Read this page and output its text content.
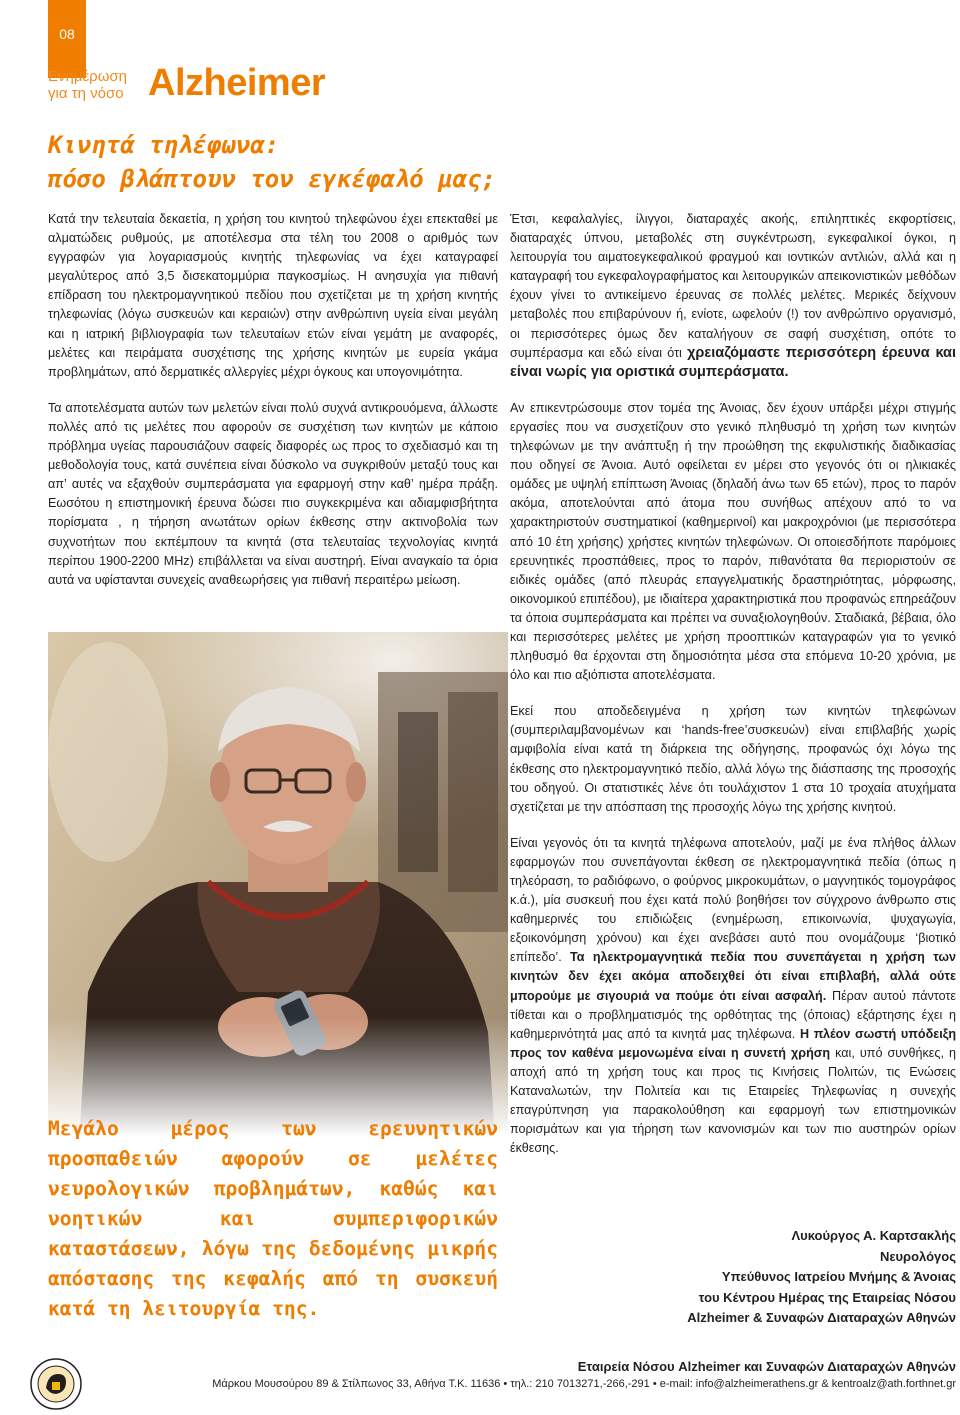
08
Ενημέρωση
για τη νόσο Alzheimer
Κινητά τηλέφωνα:
πόσο βλάπτουν τον εγκέφαλό μας;

Κατά την τελευταία δεκαετία, η χρήση του κινητού τηλεφώνου έχει επεκταθεί με αλματώδεις ρυθμούς, με αποτέλεσμα στα τέλη του 2008 ο αριθμός των εγγραφών για λογαριασμούς κινητής τηλεφωνίας να έχει καταγραφεί μεγαλύτερος από 3,5 δισεκατομμύρια παγκοσμίως. Η ανησυχία για πιθανή επίδραση του ηλεκτρομαγνητικού πεδίου που σχετίζεται με τη χρήση κινητής τηλεφωνίας (λόγω συσκευών και κεραιών) στην ανθρώπινη υγεία είναι μεγάλη και η ιατρική βιβλιογραφία των τελευταίων ετών είναι γεμάτη με αναφορές, μελέτες και πειράματα συσχέτισης της χρήσης κινητών με ευρεία γκάμα προβλημάτων, από δερματικές αλλεργίες μέχρι όγκους και υπογονιμότητα.

Τα αποτελέσματα αυτών των μελετών είναι πολύ συχνά αντικρουόμενα, άλλωστε πολλές από τις μελέτες που αφορούν σε συσχέτιση των κινητών με κάποιο πρόβλημα υγείας παρουσιάζουν σαφείς διαφορές ως προς το σχεδιασμό και τη μεθοδολογία τους, κατά συνέπεια είναι δύσκολο να συγκριθούν μεταξύ τους και απ’ αυτές να εξαχθούν συμπεράσματα για εφαρμογή στην καθ’ ημέρα πράξη. Εωσότου η επιστημονική έρευνα δώσει πιο συγκεκριμένα και αδιαμφισβήτητα πορίσματα , η τήρηση ανωτάτων ορίων έκθεσης στην ακτινοβολία των συχνοτήτων που εκπέμπουν τα κινητά (στα τελευταίας τεχνολογίας κινητά περίπου 1900-2200 MHz) επιβάλλεται να είναι αυστηρή. Είναι αναγκαίο τα όρια αυτά να υφίστανται συνεχείς αναθεωρήσεις για πιθανή περαιτέρω μείωση.

Μεγάλο μέρος των ερευνητικών προσπαθειών αφορούν σε μελέτες νευρολογικών προβλημάτων, καθώς και νοητικών και συμπεριφορικών καταστάσεων, λόγω της δεδομένης μικρής απόστασης της κεφαλής από τη συσκευή κατά τη λειτουργία της.

Έτσι, κεφαλαλγίες, ίλιγγοι, διαταραχές ακοής, επιληπτικές εκφορτίσεις, διαταραχές ύπνου, μεταβολές στη συγκέντρωση, εγκεφαλικοί όγκοι, η λειτουργία του αιματοεγκεφαλικού φραγμού και ιοντικών αντλιών, αλλά και η καταγραφή του εγκεφαλογραφήματος και λειτουργικών απεικονιστικών μεθόδων έχουν γίνει το αντικείμενο έρευνας σε πολλές μελέτες. Μερικές δείχνουν μεταβολές που επιβαρύνουν ή, ενίοτε, ωφελούν (!) τον ανθρώπινο οργανισμό, οι περισσότερες όμως δεν καταλήγουν σε σαφή συσχέτιση, οπότε το συμπέρασμα και εδώ είναι ότι χρειαζόμαστε περισσότερη έρευνα και είναι νωρίς για οριστικά συμπεράσματα.

Αν επικεντρώσουμε στον τομέα της Άνοιας, δεν έχουν υπάρξει μέχρι στιγμής εργασίες που να συσχετίζουν στο γενικό πληθυσμό τη χρήση των κινητών τηλεφώνων με την ανάπτυξη ή την προώθηση της εκφυλιστικής διαδικασίας που οδηγεί σε Άνοια. Αυτό οφείλεται εν μέρει στο γεγονός ότι οι ηλικιακές ομάδες με υψηλή επίπτωση Άνοιας (δηλαδή άνω των 65 ετών), προς το παρόν ακόμα, αποτελούνται από άτομα που συνήθως απέχουν από το να χαρακτηριστούν συστηματικοί (καθημερινοί) και μακροχρόνιοι (με περισσότερα από 10 έτη χρήσης) χρήστες κινητών τηλεφώνων. Οι οποιεσδήποτε παρόμοιες ερευνητικές προσπάθειες, προς το παρόν, πιθανότατα θα περιοριστούν σε ειδικές ομάδες (από πλευράς επαγγελματικής δραστηριότητας, μόρφωσης, οικονομικού επιπέδου), με ιδιαίτερα χαρακτηριστικά που προφανώς επηρεάζουν τα όποια συμπεράσματα και πρέπει να συναξιολογηθούν. Σταδιακά, βέβαια, όλο και περισσότερες μελέτες με χρήση προοπτικών καταγραφών για το γενικό πληθυσμό θα έρχονται στη δημοσιότητα μέσα στα επόμενα 10-20 χρόνια, με όλο και πιο αξιόπιστα αποτελέσματα.

Εκεί που αποδεδειγμένα η χρήση των κινητών τηλεφώνων (συμπεριλαμβανομένων και ‘hands-free’συσκευών) είναι επιβλαβής χωρίς αμφιβολία είναι κατά τη διάρκεια της οδήγησης, προφανώς όχι λόγω της έκθεσης στο ηλεκτρομαγνητικό πεδίο, αλλά λόγω της διάσπασης της προσοχής του οδηγού. Οι στατιστικές λένε ότι τουλάχιστον 1 στα 10 τροχαία ατυχήματα σχετίζεται με την απόσπαση της προσοχής λόγω της χρήσης κινητού.

Είναι γεγονός ότι τα κινητά τηλέφωνα αποτελούν, μαζί με ένα πλήθος άλλων εφαρμογών που συνεπάγονται έκθεση σε ηλεκτρομαγνητικά πεδία (όπως η τηλεόραση, το ραδιόφωνο, ο φούρνος μικροκυμάτων, ο μαγνητικός τομογράφος κ.ά.), μία συσκευή που έχει κατά πολύ βοηθήσει τον σύγχρονο άνθρωπο στις καθημερινές του επιδιώξεις (ενημέρωση, επικοινωνία, ψυχαγωγία, εξοικονόμηση χρόνου) και έχει ανεβάσει αυτό που ονομάζουμε ‘βιοτικό επίπεδο’. Τα ηλεκτρομαγνητικά πεδία που συνεπάγεται η χρήση των κινητών δεν έχει ακόμα αποδειχθεί ότι είναι επιβλαβή, αλλά ούτε μπορούμε με σιγουριά να πούμε ότι είναι ασφαλή. Πέραν αυτού πάντοτε τίθεται και ο προβληματισμός της ορθότητας της (όποιας) εξάρτησης έχει η καθημερινότητά μας από τα κινητά μας τηλέφωνα. Η πλέον σωστή υπόδειξη προς τον καθένα μεμονωμένα είναι η συνετή χρήση και, υπό συνθήκες, η αποχή από τη χρήση τους και προς τις Κινήσεις Πολιτών, τις Ενώσεις Καταναλωτών, την Πολιτεία και τις Εταιρείες Τηλεφωνίας η συνεχής επαγρύπνηση για παρακολούθηση και εφαρμογή των επιστημονικών πορισμάτων και για τήρηση των κανονισμών και των πιο αυστηρών ορίων έκθεσης.

Λυκούργος Α. Καρτσακλής
Νευρολόγος
Υπεύθυνος Ιατρείου Μνήμης & Άνοιας
του Κέντρου Ημέρας της Εταιρείας Νόσου
Alzheimer & Συναφών Διαταραχών Αθηνών
Εταιρεία Νόσου Alzheimer και Συναφών Διαταραχών Αθηνών
Μάρκου Μουσούρου 89 & Στίλπωνος 33, Αθήνα Τ.Κ. 11636 • τηλ.: 210 7013271,-266,-291 • e-mail: info@alzheimerathens.gr & kentroalz@ath.forthnet.gr
